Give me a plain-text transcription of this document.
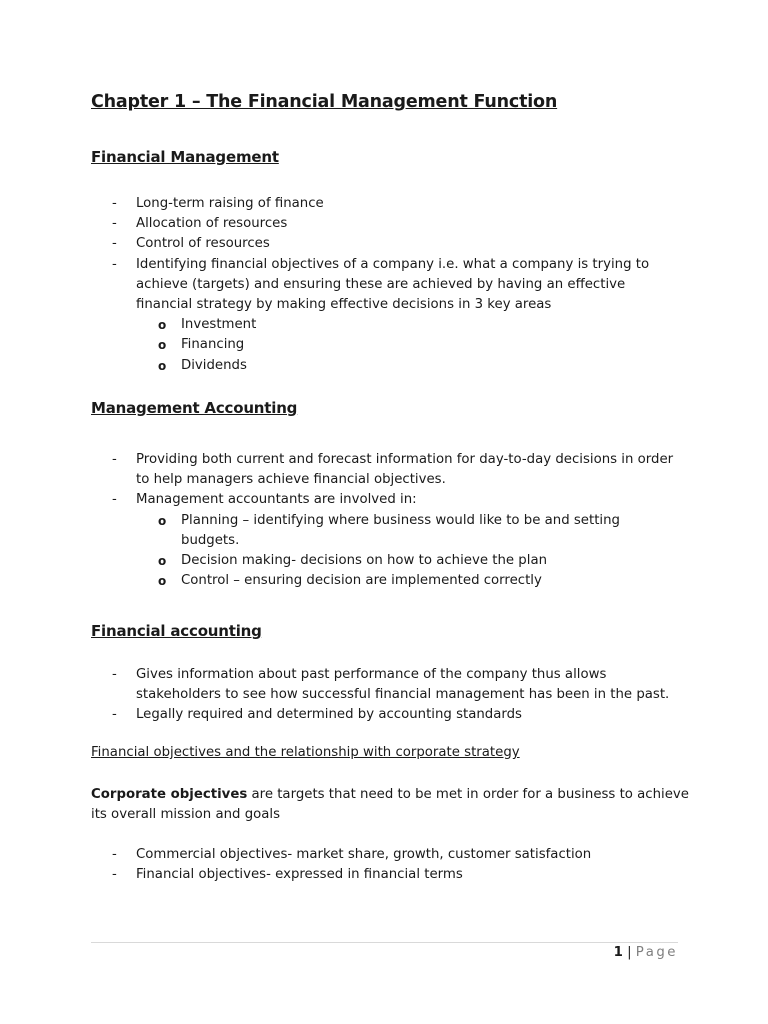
Chapter 1 – The Financial Management Function
Financial Management
- Long-term raising of finance
- Allocation of resources
- Control of resources
- Identifying financial objectives of a company i.e. what a company is trying to
achieve (targets) and ensuring these are achieved by having an effective
financial strategy by making effective decisions in 3 key areas
o Investment
o Financing
o Dividends
Management Accounting
- Providing both current and forecast information for day-to-day decisions in order
to help managers achieve financial objectives.
- Management accountants are involved in:
o Planning – identifying where business would like to be and setting
budgets.
o Decision making- decisions on how to achieve the plan
o Control – ensuring decision are implemented correctly
Financial accounting
- Gives information about past performance of the company thus allows
stakeholders to see how successful financial management has been in the past.
- Legally required and determined by accounting standards

Financial objectives and the relationship with corporate strategy

Corporate objectives are targets that need to be met in order for a business to achieve
its overall mission and goals

- Commercial objectives- market share, growth, customer satisfaction
- Financial objectives- expressed in financial terms
1 | Page
